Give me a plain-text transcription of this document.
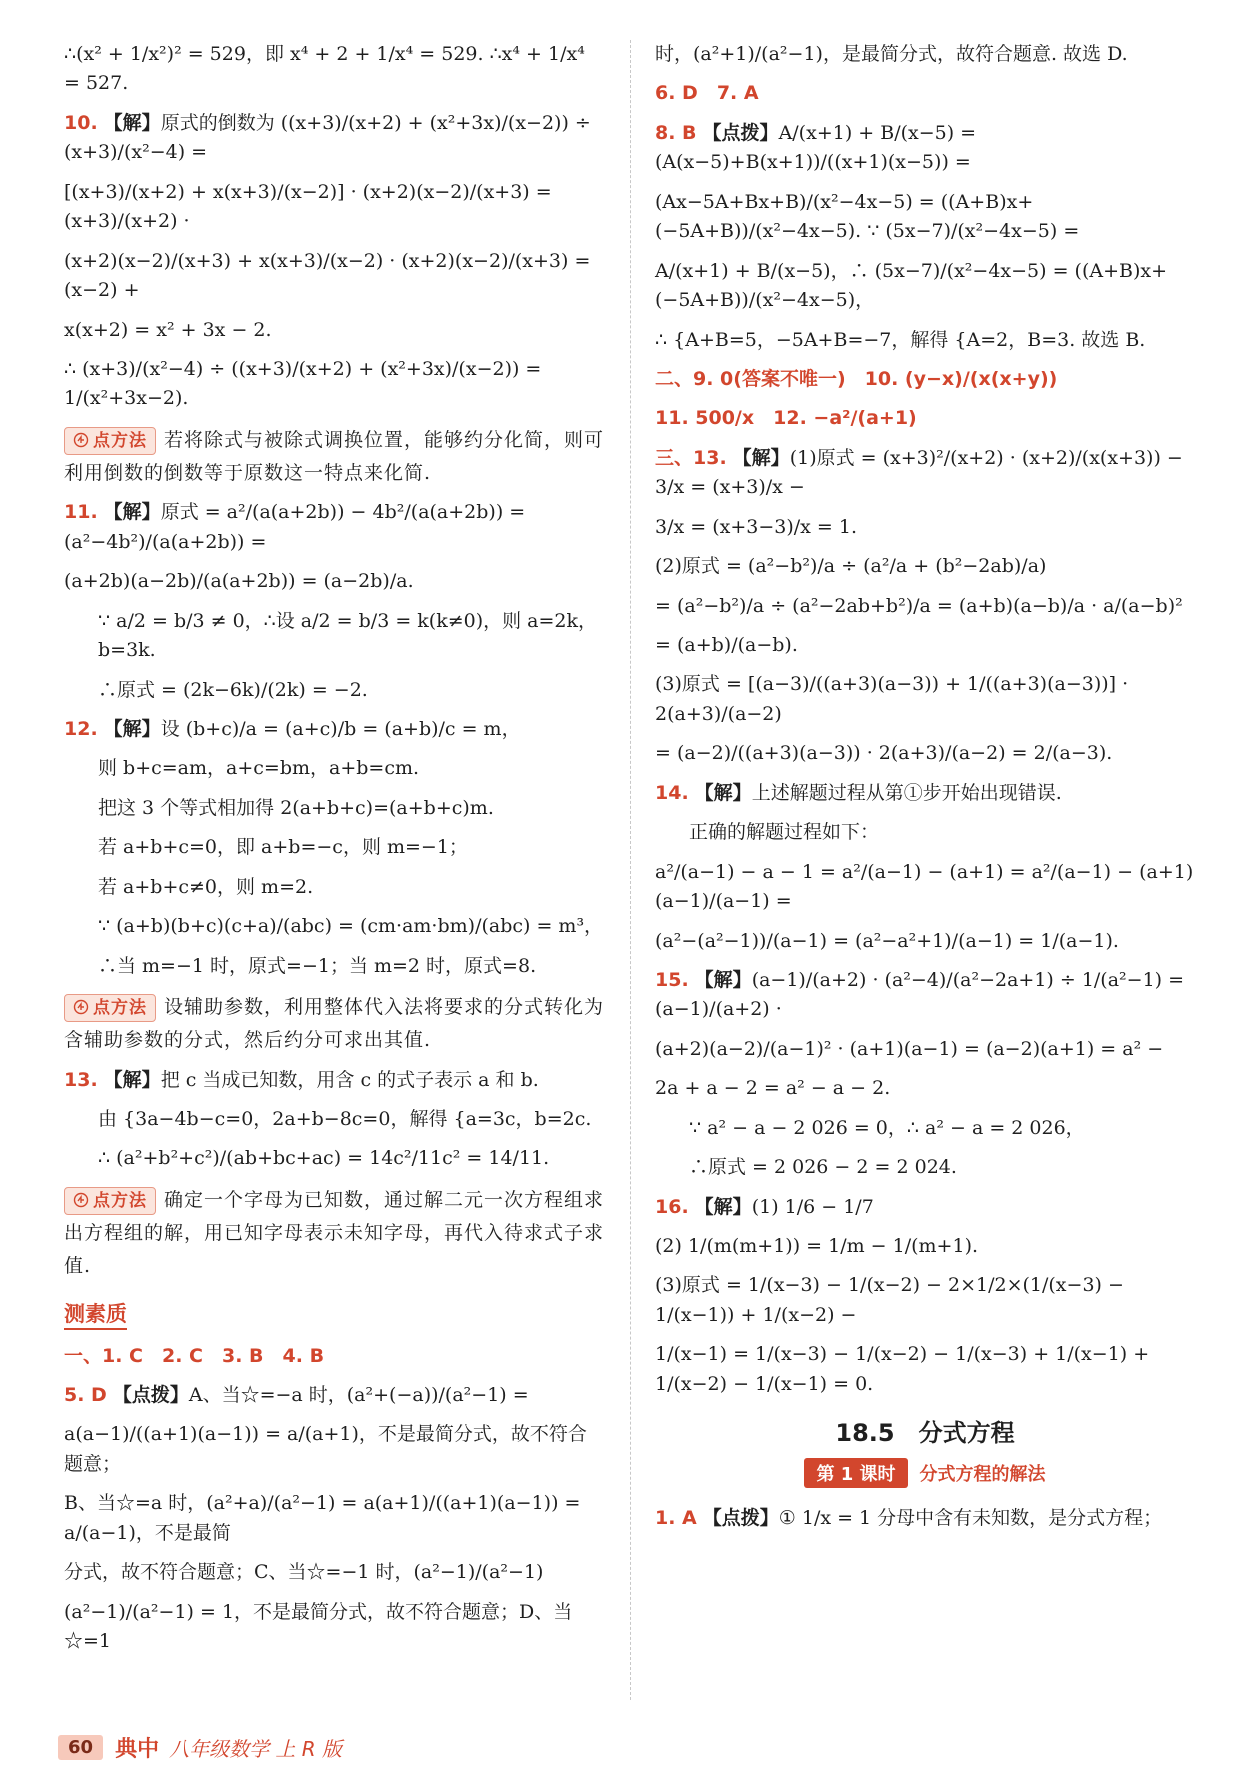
∴(x² + 1/x²)² = 529，即 x⁴ + 2 + 1/x⁴ = 529. ∴x⁴ + 1/x⁴ = 527.
10. 【解】原式的倒数为 ((x+3)/(x+2) + (x²+3x)/(x−2)) ÷ (x+3)/(x²−4) =
[(x+3)/(x+2) + x(x+3)/(x−2)] · (x+2)(x−2)/(x+3) = (x+3)/(x+2) ·
(x+2)(x−2)/(x+3) + x(x+3)/(x−2) · (x+2)(x−2)/(x+3) = (x−2) +
x(x+2) = x² + 3x − 2.
∴ (x+3)/(x²−4) ÷ ((x+3)/(x+2) + (x²+3x)/(x−2)) = 1/(x²+3x−2).
点方法 若将除式与被除式调换位置，能够约分化简，则可利用倒数的倒数等于原数这一特点来化简.
11. 【解】原式 = a²/(a(a+2b)) − 4b²/(a(a+2b)) = (a²−4b²)/(a(a+2b)) =
(a+2b)(a−2b)/(a(a+2b)) = (a−2b)/a.
∵ a/2 = b/3 ≠ 0，∴设 a/2 = b/3 = k(k≠0)，则 a=2k，b=3k.
∴原式 = (2k−6k)/(2k) = −2.
12. 【解】设 (b+c)/a = (a+c)/b = (a+b)/c = m，
则 b+c=am，a+c=bm，a+b=cm.
把这 3 个等式相加得 2(a+b+c)=(a+b+c)m.
若 a+b+c=0，即 a+b=−c，则 m=−1；
若 a+b+c≠0，则 m=2.
∵ (a+b)(b+c)(c+a)/(abc) = (cm·am·bm)/(abc) = m³，
∴当 m=−1 时，原式=−1；当 m=2 时，原式=8.
点方法 设辅助参数，利用整体代入法将要求的分式转化为含辅助参数的分式，然后约分可求出其值.
13. 【解】把 c 当成已知数，用含 c 的式子表示 a 和 b.
由 {3a−4b−c=0，2a+b−8c=0，解得 {a=3c，b=2c.
∴ (a²+b²+c²)/(ab+bc+ac) = 14c²/11c² = 14/11.
点方法 确定一个字母为已知数，通过解二元一次方程组求出方程组的解，用已知字母表示未知字母，再代入待求式子求值.
测素质
一、1. C　2. C　3. B　4. B
5. D 【点拨】A、当☆=−a 时，(a²+(−a))/(a²−1) =
a(a−1)/((a+1)(a−1)) = a/(a+1)，不是最简分式，故不符合题意；
B、当☆=a 时，(a²+a)/(a²−1) = a(a+1)/((a+1)(a−1)) = a/(a−1)，不是最简
分式，故不符合题意；C、当☆=−1 时，(a²−1)/(a²−1)
(a²−1)/(a²−1) = 1，不是最简分式，故不符合题意；D、当☆=1
时，(a²+1)/(a²−1)，是最简分式，故符合题意. 故选 D.
6. D　7. A
8. B 【点拨】A/(x+1) + B/(x−5) = (A(x−5)+B(x+1))/((x+1)(x−5)) =
(Ax−5A+Bx+B)/(x²−4x−5) = ((A+B)x+(−5A+B))/(x²−4x−5). ∵ (5x−7)/(x²−4x−5) =
A/(x+1) + B/(x−5)，∴ (5x−7)/(x²−4x−5) = ((A+B)x+(−5A+B))/(x²−4x−5)，
∴ {A+B=5，−5A+B=−7，解得 {A=2，B=3. 故选 B.
二、9. 0(答案不唯一)　10. (y−x)/(x(x+y))
11. 500/x　12. −a²/(a+1)
三、13. 【解】(1)原式 = (x+3)²/(x+2) · (x+2)/(x(x+3)) − 3/x = (x+3)/x −
3/x = (x+3−3)/x = 1.
(2)原式 = (a²−b²)/a ÷ (a²/a + (b²−2ab)/a)
= (a²−b²)/a ÷ (a²−2ab+b²)/a = (a+b)(a−b)/a · a/(a−b)²
= (a+b)/(a−b).
(3)原式 = [(a−3)/((a+3)(a−3)) + 1/((a+3)(a−3))] · 2(a+3)/(a−2)
= (a−2)/((a+3)(a−3)) · 2(a+3)/(a−2) = 2/(a−3).
14. 【解】上述解题过程从第①步开始出现错误.
正确的解题过程如下：
a²/(a−1) − a − 1 = a²/(a−1) − (a+1) = a²/(a−1) − (a+1)(a−1)/(a−1) =
(a²−(a²−1))/(a−1) = (a²−a²+1)/(a−1) = 1/(a−1).
15. 【解】(a−1)/(a+2) · (a²−4)/(a²−2a+1) ÷ 1/(a²−1) = (a−1)/(a+2) ·
(a+2)(a−2)/(a−1)² · (a+1)(a−1) = (a−2)(a+1) = a² −
2a + a − 2 = a² − a − 2.
∵ a² − a − 2 026 = 0，∴ a² − a = 2 026，
∴原式 = 2 026 − 2 = 2 024.
16. 【解】(1) 1/6 − 1/7
(2) 1/(m(m+1)) = 1/m − 1/(m+1).
(3)原式 = 1/(x−3) − 1/(x−2) − 2×1/2×(1/(x−3) − 1/(x−1)) + 1/(x−2) −
1/(x−1) = 1/(x−3) − 1/(x−2) − 1/(x−3) + 1/(x−1) + 1/(x−2) − 1/(x−1) = 0.
18.5　分式方程
第 1 课时 分式方程的解法
1. A 【点拨】① 1/x = 1 分母中含有未知数，是分式方程；
60	典中 八年级数学 上 R 版
